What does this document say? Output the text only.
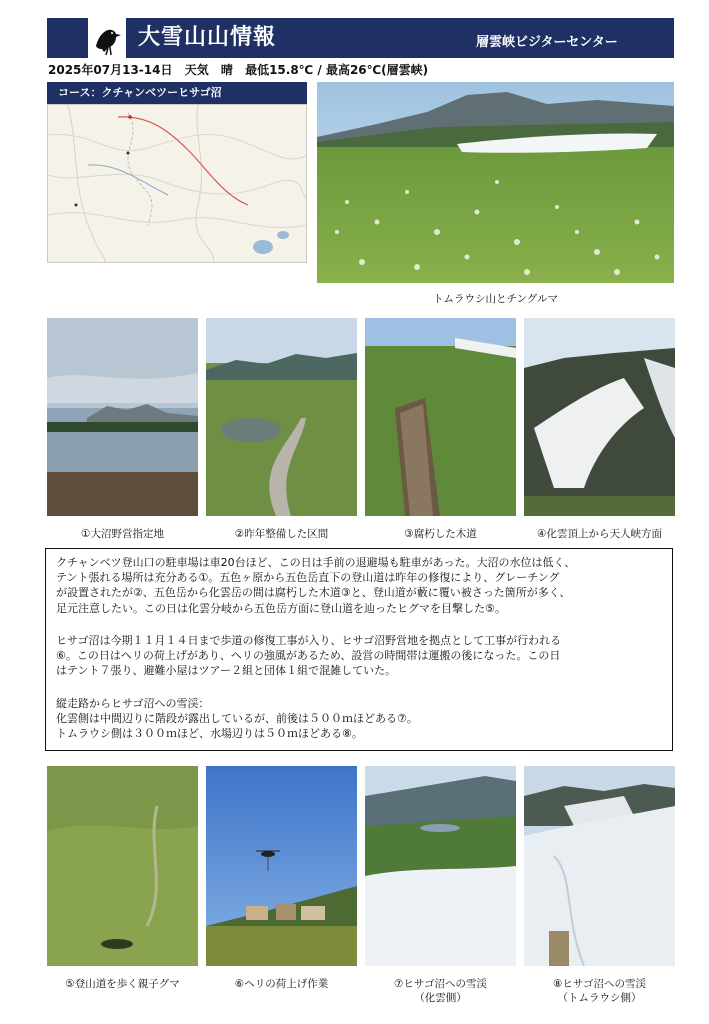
大雪山山情報	層雲峡ビジターセンター
2025年07月13-14日 天気 晴 最低15.8℃ / 最高26℃(層雲峡)
コース：クチャンベツーヒサゴ沼
トムラウシ山とチングルマ
①大沼野営指定地	②昨年整備した区間	③腐朽した木道	④化雲頂上から天人峡方面
クチャンベツ登山口の駐車場は車20台ほど、この日は手前の退避場も駐車があった。大沼の水位は低く、
テント張れる場所は充分ある①。五色ヶ原から五色岳直下の登山道は昨年の修復により、グレーチング
が設置されたが②、五色岳から化雲岳の間は腐朽した木道③と、登山道が藪に覆い被さった箇所が多く、
足元注意したい。この日は化雲分岐から五色岳方面に登山道を辿ったヒグマを目撃した⑤。
ヒサゴ沼は今期１１月１４日まで歩道の修復工事が入り、ヒサゴ沼野営地を拠点として工事が行われる
⑥。この日はヘリの荷上げがあり、ヘリの強風があるため、設営の時間帯は運搬の後になった。この日
はテント７張り、避難小屋はツアー２組と団体１組で混雑していた。
縦走路からヒサゴ沼への雪渓：
化雲側は中間辺りに階段が露出しているが、前後は５００ｍほどある⑦。
トムラウシ側は３００ｍほど、水場辺りは５０ｍほどある⑧。
⑤登山道を歩く親子グマ	⑥ヘリの荷上げ作業	⑦ヒサゴ沼への雪渓
（化雲側）
⑧ヒサゴ沼への雪渓
（トムラウシ側）
